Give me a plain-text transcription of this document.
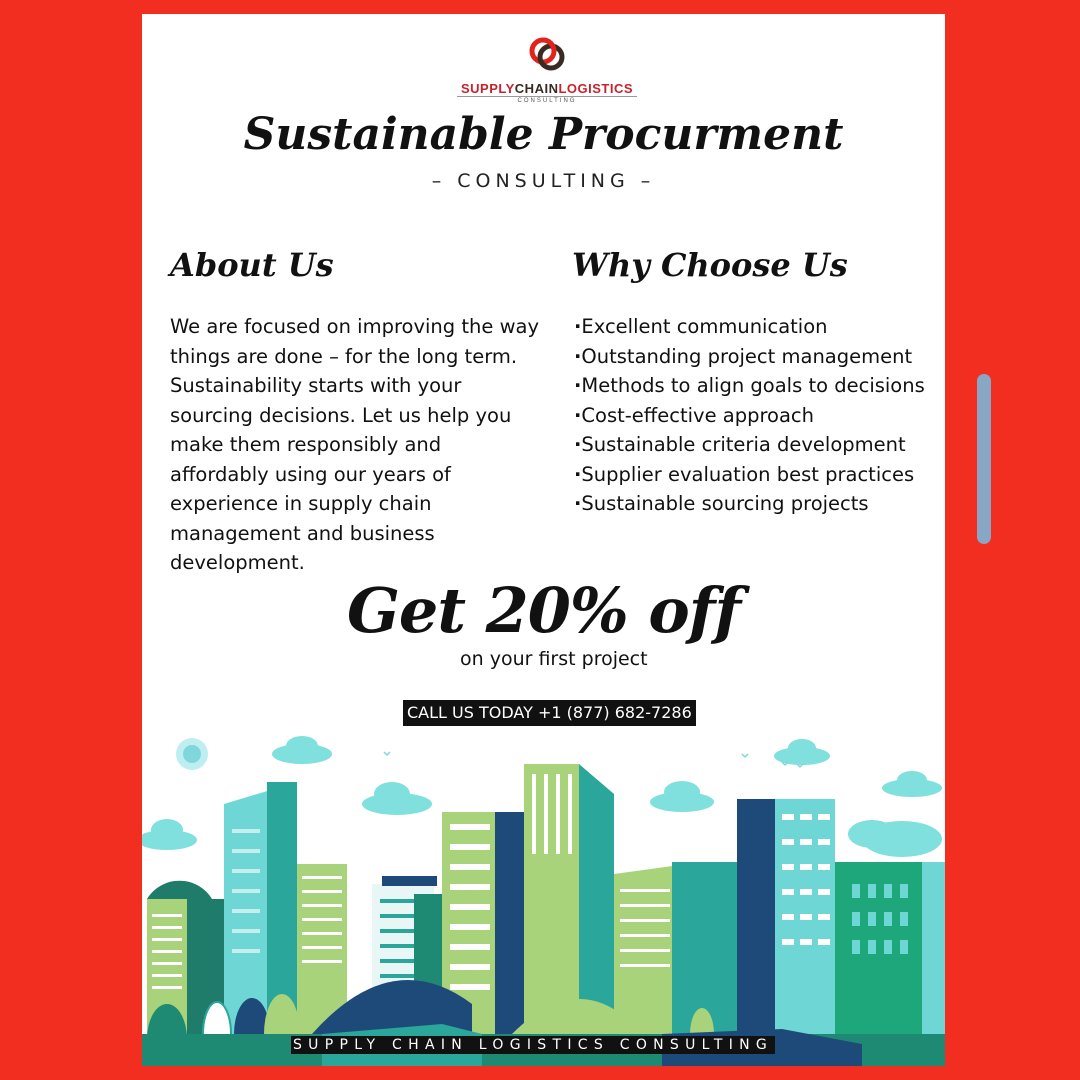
SUPPLYCHAINLOGISTICS
CONSULTING
Sustainable Procurment
– CONSULTING –
About Us	Why Choose Us
We are focused on improving the way things are done – for the long term. Sustainability starts with your sourcing decisions. Let us help you make them responsibly and affordably using our years of experience in supply chain management and business development.
· Excellent communication
· Outstanding project management
· Methods to align goals to decisions
· Cost-effective approach
· Sustainable criteria development
· Supplier evaluation best practices
· Sustainable sourcing projects
Get 20% off
on your first project
CALL US TODAY +1 (877) 682-7286
SUPPLY CHAIN LOGISTICS CONSULTING
